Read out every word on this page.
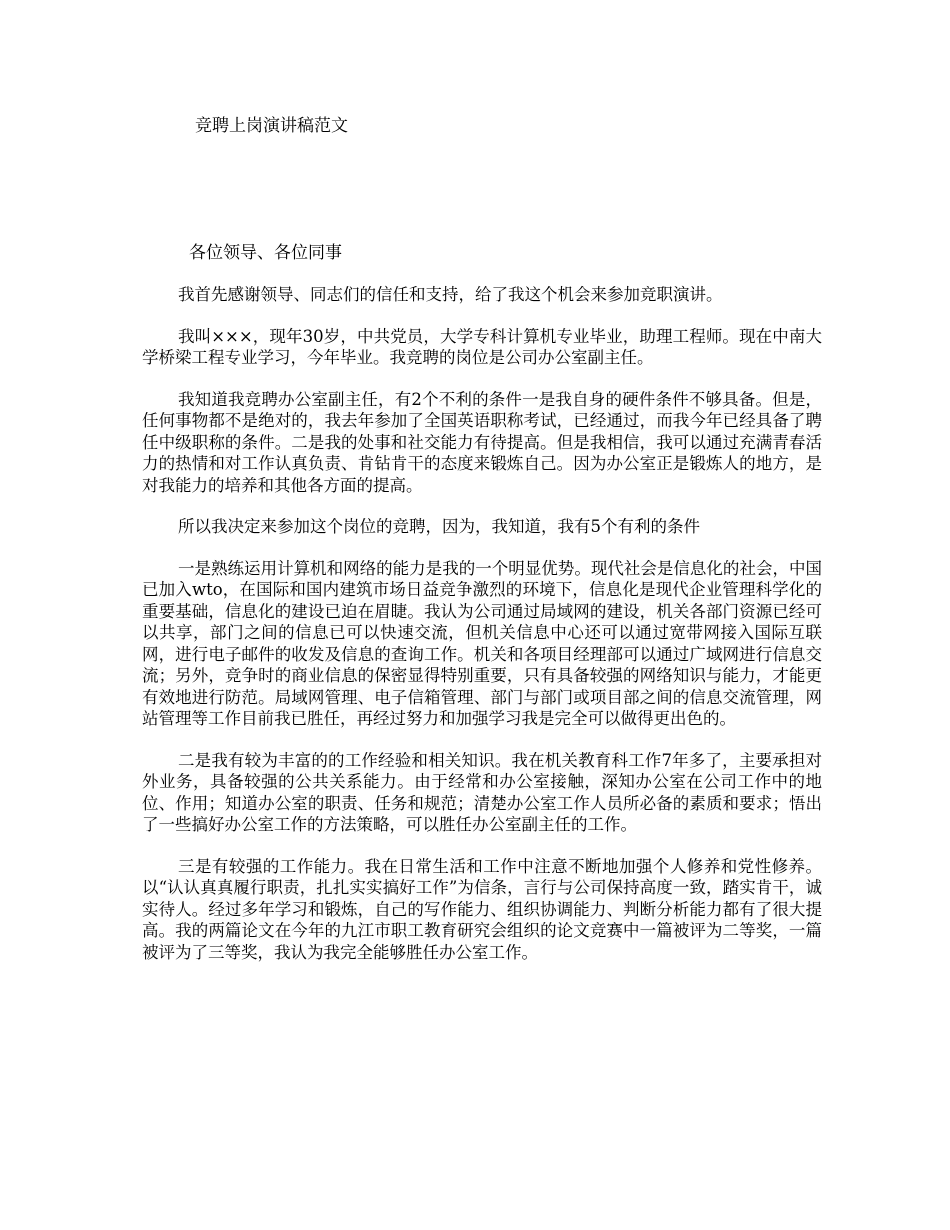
竞聘上岗演讲稿范文
各位领导、各位同事

我首先感谢领导、同志们的信任和支持，给了我这个机会来参加竞职演讲。

我叫×××，现年30岁，中共党员，大学专科计算机专业毕业，助理工程师。现在中南大学桥梁工程专业学习，今年毕业。我竞聘的岗位是公司办公室副主任。

我知道我竞聘办公室副主任，有2个不利的条件一是我自身的硬件条件不够具备。但是，任何事物都不是绝对的，我去年参加了全国英语职称考试，已经通过，而我今年已经具备了聘任中级职称的条件。二是我的处事和社交能力有待提高。但是我相信，我可以通过充满青春活力的热情和对工作认真负责、肯钻肯干的态度来锻炼自己。因为办公室正是锻炼人的地方，是对我能力的培养和其他各方面的提高。

所以我决定来参加这个岗位的竞聘，因为，我知道，我有5个有利的条件

一是熟练运用计算机和网络的能力是我的一个明显优势。现代社会是信息化的社会，中国已加入wto，在国际和国内建筑市场日益竞争激烈的环境下，信息化是现代企业管理科学化的重要基础，信息化的建设已迫在眉睫。我认为公司通过局域网的建设，机关各部门资源已经可以共享，部门之间的信息已可以快速交流，但机关信息中心还可以通过宽带网接入国际互联网，进行电子邮件的收发及信息的查询工作。机关和各项目经理部可以通过广域网进行信息交流；另外，竞争时的商业信息的保密显得特别重要，只有具备较强的网络知识与能力，才能更有效地进行防范。局域网管理、电子信箱管理、部门与部门或项目部之间的信息交流管理，网站管理等工作目前我已胜任，再经过努力和加强学习我是完全可以做得更出色的。

二是我有较为丰富的的工作经验和相关知识。我在机关教育科工作7年多了，主要承担对外业务，具备较强的公共关系能力。由于经常和办公室接触，深知办公室在公司工作中的地位、作用；知道办公室的职责、任务和规范；清楚办公室工作人员所必备的素质和要求；悟出了一些搞好办公室工作的方法策略，可以胜任办公室副主任的工作。

三是有较强的工作能力。我在日常生活和工作中注意不断地加强个人修养和党性修养。以“认认真真履行职责，扎扎实实搞好工作”为信条，言行与公司保持高度一致，踏实肯干，诚实待人。经过多年学习和锻炼，自己的写作能力、组织协调能力、判断分析能力都有了很大提高。我的两篇论文在今年的九江市职工教育研究会组织的论文竞赛中一篇被评为二等奖，一篇被评为了三等奖，我认为我完全能够胜任办公室工作。
